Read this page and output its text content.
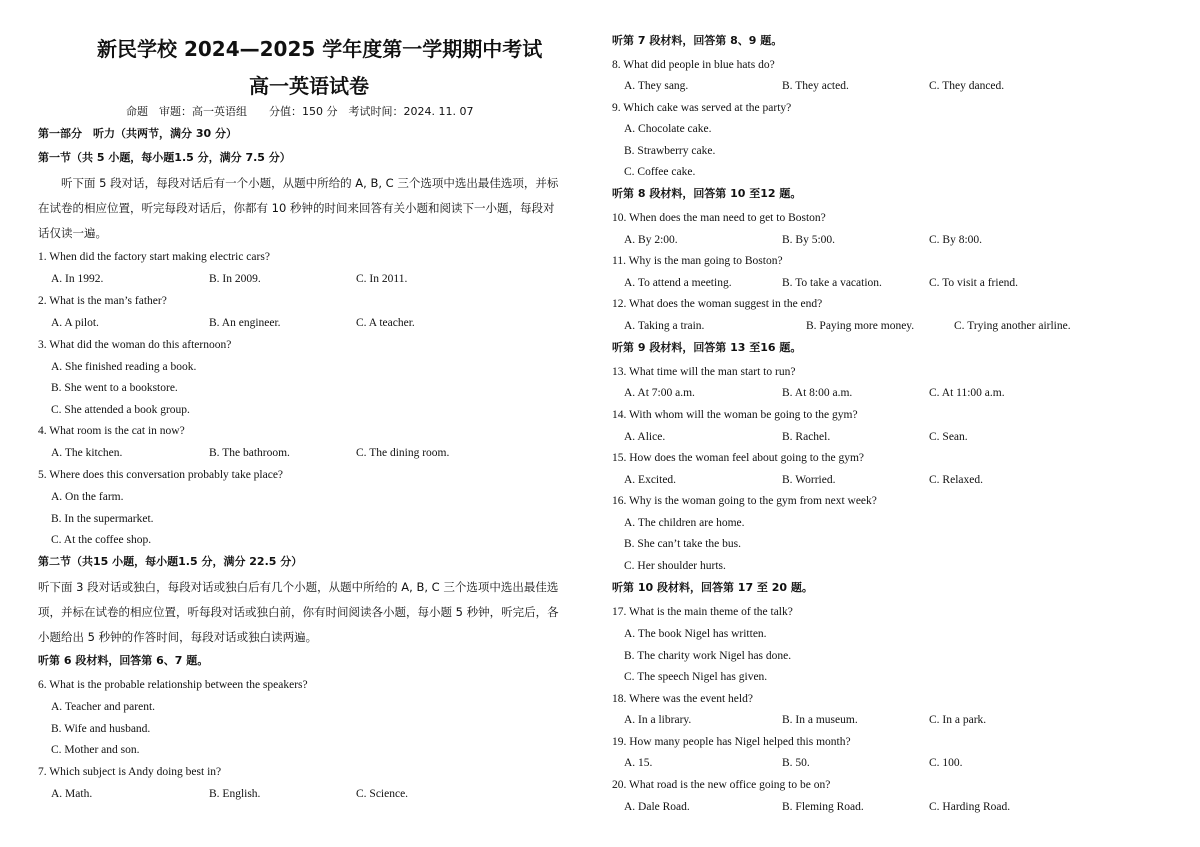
新民学校 2024—2025 学年度第一学期期中考试
高一英语试卷
命题　审题：高一英语组　　分值：150 分　考试时间：2024. 11. 07
第一部分　听力（共两节，满分 30 分）
第一节（共 5 小题，每小题1.5 分，满分 7.5 分）
　　听下面 5 段对话，每段对话后有一个小题，从题中所给的 A, B, C 三个选项中选出最佳选项，并标
在试卷的相应位置，听完每段对话后，你都有 10 秒钟的时间来回答有关小题和阅读下一小题，每段对
话仅读一遍。
1. When did the factory start making electric cars?
A. In 1992.	B. In 2009.	C. In 2011.
2. What is the man’s father?
A. A pilot.	B. An engineer.	C. A teacher.
3. What did the woman do this afternoon?
A. She finished reading a book.
B. She went to a bookstore.
C. She attended a book group.
4. What room is the cat in now?
A. The kitchen.	B. The bathroom.	C. The dining room.
5. Where does this conversation probably take place?
A. On the farm.
B. In the supermarket.
C. At the coffee shop.
第二节（共15 小题，每小题1.5 分，满分 22.5 分）
听下面 3 段对话或独白，每段对话或独白后有几个小题，从题中所给的 A, B, C 三个选项中选出最佳选
项，并标在试卷的相应位置，听每段对话或独白前，你有时间阅读各小题，每小题 5 秒钟，听完后，各
小题给出 5 秒钟的作答时间，每段对话或独白读两遍。
听第 6 段材料，回答第 6、7 题。
6. What is the probable relationship between the speakers?
A. Teacher and parent.
B. Wife and husband.
C. Mother and son.
7. Which subject is Andy doing best in?
A. Math.	B. English.	C. Science.
听第 7 段材料，回答第 8、9 题。
8. What did people in blue hats do?
A. They sang.	B. They acted.	C. They danced.
9. Which cake was served at the party?
A. Chocolate cake.
B. Strawberry cake.
C. Coffee cake.
听第 8 段材料，回答第 10 至12 题。
10. When does the man need to get to Boston?
A. By 2:00.	B. By 5:00.	C. By 8:00.
11. Why is the man going to Boston?
A. To attend a meeting.	B. To take a vacation.	C. To visit a friend.
12. What does the woman suggest in the end?
A. Taking a train.	B. Paying more money.	C. Trying another airline.
听第 9 段材料，回答第 13 至16 题。
13. What time will the man start to run?
A. At 7:00 a.m.	B. At 8:00 a.m.	C. At 11:00 a.m.
14. With whom will the woman be going to the gym?
A. Alice.	B. Rachel.	C. Sean.
15. How does the woman feel about going to the gym?
A. Excited.	B. Worried.	C. Relaxed.
16. Why is the woman going to the gym from next week?
A. The children are home.
B. She can’t take the bus.
C. Her shoulder hurts.
听第 10 段材料，回答第 17 至 20 题。
17. What is the main theme of the talk?
A. The book Nigel has written.
B. The charity work Nigel has done.
C. The speech Nigel has given.
18. Where was the event held?
A. In a library.	B. In a museum.	C. In a park.
19. How many people has Nigel helped this month?
A. 15.	B. 50.	C. 100.
20. What road is the new office going to be on?
A. Dale Road.	B. Fleming Road.	C. Harding Road.
